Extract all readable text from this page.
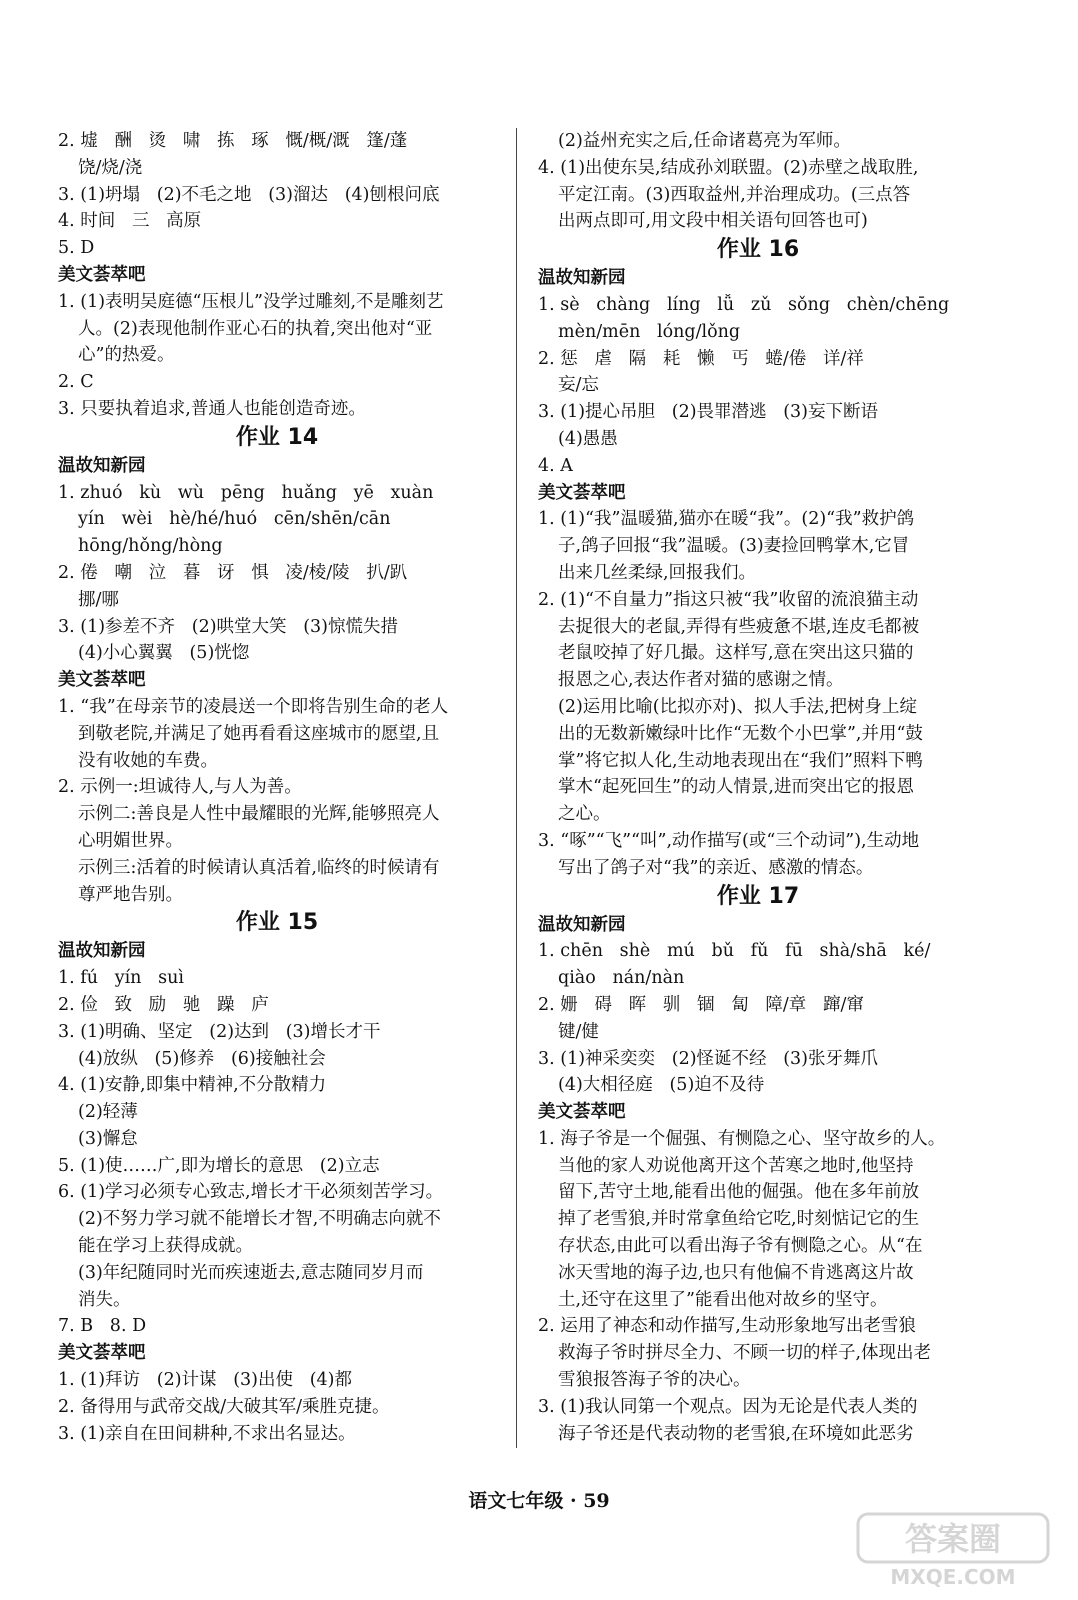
2. 墟   酬   烫   啸   拣   琢   慨/概/溉   篷/蓬
饶/烧/浇
3. (1)坍塌   (2)不毛之地   (3)溜达   (4)刨根问底
4. 时间   三   高原
5. D
美文荟萃吧
1. (1)表明吴庭德“压根儿”没学过雕刻,不是雕刻艺
人。(2)表现他制作亚心石的执着,突出他对“亚
心”的热爱。
2. C
3. 只要执着追求,普通人也能创造奇迹。
作业 14
温故知新园
1. zhuó   kù   wù   pēng   huǎng   yē   xuàn
yín   wèi   hè/hé/huó   cēn/shēn/cān
hōng/hǒng/hòng
2. 倦   嘲   泣   暮   讶   惧   凌/棱/陵   扒/趴
挪/哪
3. (1)参差不齐   (2)哄堂大笑   (3)惊慌失措
(4)小心翼翼   (5)恍惚
美文荟萃吧
1. “我”在母亲节的凌晨送一个即将告别生命的老人
到敬老院,并满足了她再看看这座城市的愿望,且
没有收她的车费。
2. 示例一:坦诚待人,与人为善。
示例二:善良是人性中最耀眼的光辉,能够照亮人
心明媚世界。
示例三:活着的时候请认真活着,临终的时候请有
尊严地告别。
作业 15
温故知新园
1. fú   yín   suì
2. 俭   致   励   驰   躁   庐
3. (1)明确、坚定   (2)达到   (3)增长才干
(4)放纵   (5)修养   (6)接触社会
4. (1)安静,即集中精神,不分散精力
(2)轻薄
(3)懈怠
5. (1)使……广,即为增长的意思   (2)立志
6. (1)学习必须专心致志,增长才干必须刻苦学习。
(2)不努力学习就不能增长才智,不明确志向就不
能在学习上获得成就。
(3)年纪随同时光而疾速逝去,意志随同岁月而
消失。
7. B   8. D
美文荟萃吧
1. (1)拜访   (2)计谋   (3)出使   (4)都
2. 备得用与武帝交战/大破其军/乘胜克捷。
3. (1)亲自在田间耕种,不求出名显达。
(2)益州充实之后,任命诸葛亮为军师。
4. (1)出使东吴,结成孙刘联盟。(2)赤壁之战取胜,
平定江南。(3)西取益州,并治理成功。(三点答
出两点即可,用文段中相关语句回答也可)
作业 16
温故知新园
1. sè   chàng   líng   lǚ   zǔ   sǒng   chèn/chēng
mèn/mēn   lóng/lǒng
2. 惩   虐   隔   耗   懒   丐   蜷/倦   详/祥
妄/忘
3. (1)提心吊胆   (2)畏罪潜逃   (3)妄下断语
(4)愚愚
4. A
美文荟萃吧
1. (1)“我”温暖猫,猫亦在暖“我”。(2)“我”救护鸽
子,鸽子回报“我”温暖。(3)妻捡回鸭掌木,它冒
出来几丝柔绿,回报我们。
2. (1)“不自量力”指这只被“我”收留的流浪猫主动
去捉很大的老鼠,弄得有些疲惫不堪,连皮毛都被
老鼠咬掉了好几撮。这样写,意在突出这只猫的
报恩之心,表达作者对猫的感谢之情。
(2)运用比喻(比拟亦对)、拟人手法,把树身上绽
出的无数新嫩绿叶比作“无数个小巴掌”,并用“鼓
掌”将它拟人化,生动地表现出在“我们”照料下鸭
掌木“起死回生”的动人情景,进而突出它的报恩
之心。
3. “啄”“飞”“叫”,动作描写(或“三个动词”),生动地
写出了鸽子对“我”的亲近、感激的情态。
作业 17
温故知新园
1. chēn   shè   mú   bǔ   fǔ   fū   shà/shā   ké/
qiào   nán/nàn
2. 姗   碍   晖   驯   锢   匐   障/章   蹿/窜
键/健
3. (1)神采奕奕   (2)怪诞不经   (3)张牙舞爪
(4)大相径庭   (5)迫不及待
美文荟萃吧
1. 海子爷是一个倔强、有恻隐之心、坚守故乡的人。
当他的家人劝说他离开这个苦寒之地时,他坚持
留下,苦守土地,能看出他的倔强。他在多年前放
掉了老雪狼,并时常拿鱼给它吃,时刻惦记它的生
存状态,由此可以看出海子爷有恻隐之心。从“在
冰天雪地的海子边,也只有他偏不肯逃离这片故
土,还守在这里了”能看出他对故乡的坚守。
2. 运用了神态和动作描写,生动形象地写出老雪狼
救海子爷时拼尽全力、不顾一切的样子,体现出老
雪狼报答海子爷的决心。
3. (1)我认同第一个观点。因为无论是代表人类的
海子爷还是代表动物的老雪狼,在环境如此恶劣
语文七年级 · 59
答案圈
MXQE.COM
